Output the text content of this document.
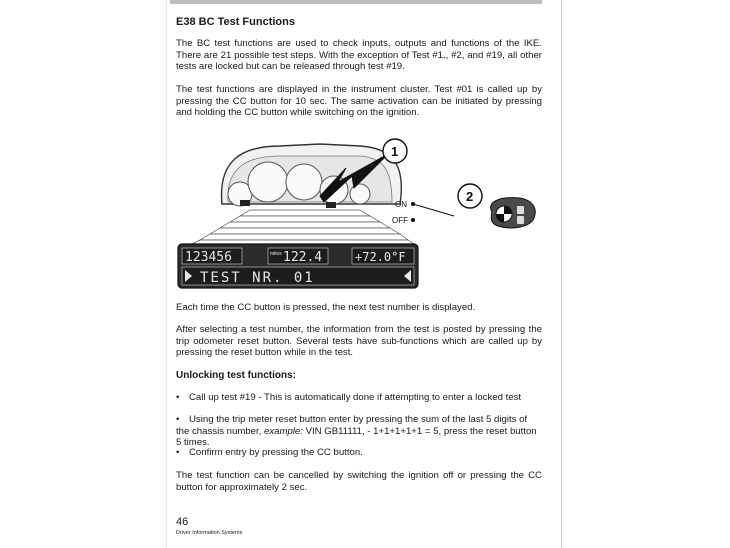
E38 BC Test Functions

The BC test functions are used to check inputs, outputs and functions of the IKE. There are 21 possible test steps. With the exception of Test #1,, #2, and #19, all other tests are locked but can be released through test #19.

The test functions are displayed in the instrument cluster. Test #01 is called up by pressing the CC button for 10 sec. The same activation can be initiated by pressing and holding the CC button while switching on the ignition.

123456	miles 122.4	+72.0°F
TEST NR. 01
1
ON
OFF
2

Each time the CC button is pressed, the next test number is displayed.

After selecting a test number, the information from the test is posted by pressing the trip odometer reset button. Several tests have sub-functions which are called up by pressing the reset button while in the test.

Unlocking test functions:

• Call up test #19 - This is automatically done if attempting to enter a locked test

• Using the trip meter reset button enter by pressing the sum of the last 5 digits of the chassis number, example: VIN GB11111, - 1+1+1+1+1 = 5, press the reset button 5 times.

• Confirm entry by pressing the CC button.

The test function can be cancelled by switching the ignition off or pressing the CC button for approximately 2 sec.

46

Driver Information Systems
